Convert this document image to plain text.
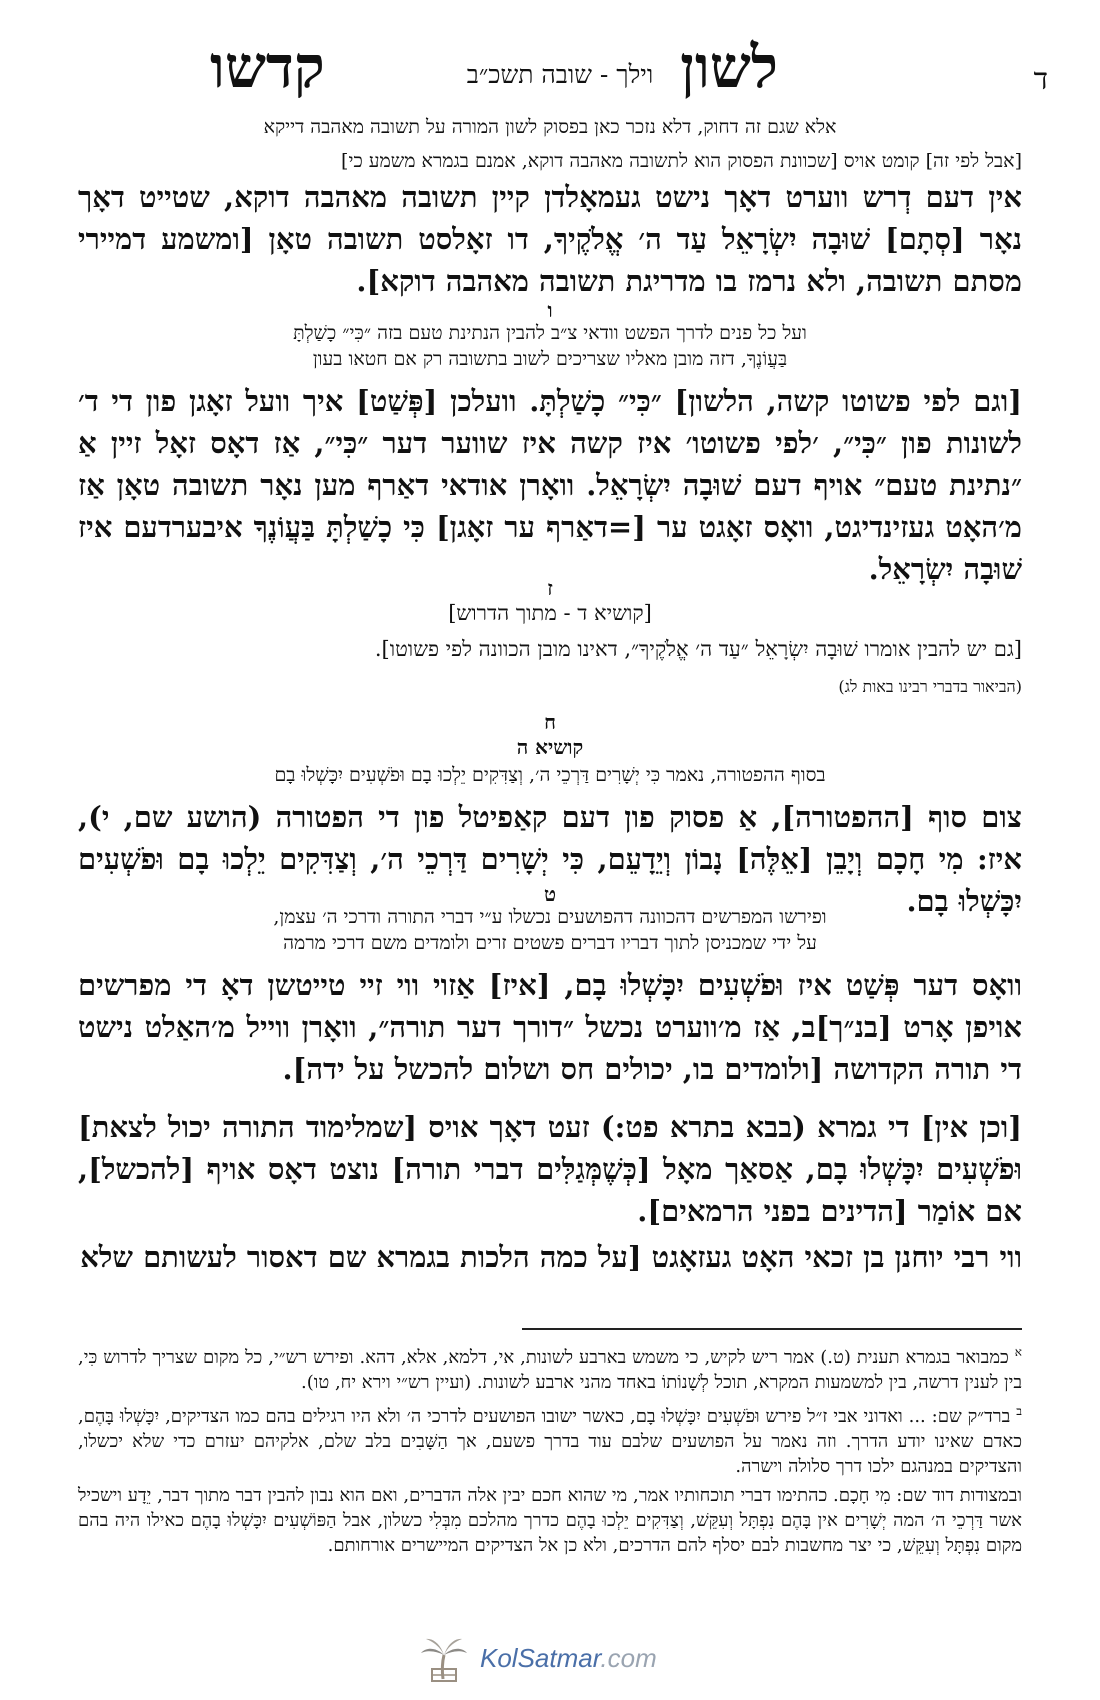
ד
לשון
וילך - שובה תשכ״ב
קדשו
אלא שגם זה דחוק, דלא נזכר כאן בפסוק לשון המורה על תשובה מאהבה דייקא
[אבל לפי זה] קומט אויס [שכוונת הפסוק הוא לתשובה מאהבה דוקא, אמנם בגמרא משמע כי]

אין דעם דְרש ווערט דאָך נישט געמאָלדן קיין תשובה מאהבה דוקא, שטייט דאָך נאָר [סְתָם] שׁוּבָה יִשְׂרָאֵל עַד ה׳ אֱלֹקֶיךָ, דו זאָלסט תשובה טאָן [ומשמע דמיירי מסתם תשובה, ולא נרמז בו מדריגת תשובה מאהבה דוקא].

ו
ועל כל פנים לדרך הפשט וודאי צ״ב להבין הנתינת טעם בזה ״כִּי״ כָשַׁלְתָּ
בַּעֲוֹנֶךָ, דזה מובן מאליו שצריכים לשוב בתשובה רק אם חטאו בעון

[וגם לפי פשוטו קשה, הלשון] ״כִּי״ כָשַׁלְתָּ. וועלכן [פְּשַׁט] איך וועל זאָגן פון די ד׳ לשונות פון ״כִּי״, ׳לפי פשוטו׳ איז קשה איז שווער דער ״כִּי״, אַז דאָס זאָל זיין אַ ״נתינת טעם״ אויף דעם שׁוּבָה יִשְׂרָאֵל. וואָרן אודאי דאַרף מען נאָר תשובה טאָן אַז מ׳האָט געזינדיגט, וואָס זאָגט ער [=דאַרף ער זאָגן] כִּי כָשַׁלְתָּ בַּעֲוֹנֶךָ איבערדעם איז שׁוּבָה יִשְׂרָאֵל.

ז
[קושיא ד - מתוך הדרוש]
[גם יש להבין אומרו שׁוּבָה יִשְׂרָאֵל ״עַד ה׳ אֱלֹקֶיךָ״, דאינו מובן הכוונה לפי פשוטו].
(הביאור בדברי רבינו באות לג)
ח
קושיא ה
בסוף ההפטורה, נאמר כִּי יְשָׁרִים דַּרְכֵי ה׳, וְצַדִּקִים יֵלְכוּ בָם וּפֹשְׁעִים יִכָּשְׁלוּ בָם

צום סוף [ההפטורה], אַ פסוק פון דעם קאַפיטל פון די הפטורה (הושע שם, י), איז: מִי חָכָם וְיָבֵן [אֵלֶּה] נָבוֹן וְיֵדָעֵם, כִּי יְשָׁרִים דַּרְכֵי ה׳, וְצַדִּקִים יֵלְכוּ בָם וּפֹשְׁעִים יִכָּשְׁלוּ בָם.

ט
ופירשו המפרשים דהכוונה דהפושעים נכשלו ע״י דברי התורה ודרכי ה׳ עצמן,
על ידי שמכניסן לתוך דבריו דברים פשטים זרים ולומדים משם דרכי מרמה

וואָס דער פְּשַׁט איז וּפֹשְׁעִים יִכָּשְׁלוּ בָם, [איז] אַזוי ווי זיי טייטשן דאָ די מפרשים אויפן אָרט [בנ״ך]ב, אַז מ׳ווערט נכשל ״דורך דער תורה״, וואָרן ווייל מ׳האַלט נישט די תורה הקדושה [ולומדים בו, יכולים חס ושלום להכשל על ידה].

[וכן אין] די גמרא (בבא בתרא פט:) זעט דאָך אויס [שמלימוד התורה יכול לצאת] וּפֹשְׁעִים יִכָּשְׁלוּ בָם, אַסאַך מאָל [כְּשֶׁמְּגַלִּים דברי תורה] נוצט דאָס אויף [להכשל], אם אוֹמַר [הדינים בפני הרמאים].

ווי רבי יוחנן בן זכאי האָט געזאָגט [על כמה הלכות בגמרא שם דאסור לעשותם שלא

$^א$ כמבואר בגמרא תענית (ט.) אמר ריש לקיש, כי משמש בארבע לשונות, אי, דלמא, אלא, דהא. ופירש רש״י, כל מקום שצריך לדרוש כִּי, בין לענין דרשה, בין למשמעות המקרא, תוכל לְשָׁנוֹתוֹ באחד מהני ארבע לשונות. (ועיין רש״י וירא יח, טו).

$^ב$ ברד״ק שם: ... ואדוני אבי ז״ל פירש וּפֹשְׁעִים יִכָּשְׁלוּ בָם, כאשר ישובו הפושעים לדרכי ה׳ ולא היו רגילים בהם כמו הצדיקים, יִכָּשְׁלוּ בָּהֶם, כאדם שאינו יודע הדרך. וזה נאמר על הפושעים שלבם עוד בדרך פשעם, אך הַשָּׁבִים בלב שלם, אלקיהם יעזרם כדי שלא יכשלו, והצדיקים במנהגם ילכו דרך סלולה וישרה.

ובמצודות דוד שם: מִי חָכָם. כהתימו דברי תוכחותיו אמר, מי שהוא חכם יבין אלה הדברים, ואם הוא נבון להבין דבר מתוך דבר, יֵדָע וישכיל אשר דַּרְכֵי ה׳ המה יְשָׁרִים אין בָּהֶם נִפְתָּל וְעִקֵּשׁ, וְצַדִּקִים יֵלְכוּ בָהֶם כדרך מהלכם מִבְּלִי כשלון, אבל הַפּוֹשְׁעִים יִכָּשְׁלוּ בָהֶם כאילו היה בהם מקום נִפְתָּל וְעִקֵּשׁ, כי יצר מחשבות לבם יסלף להם הדרכים, ולא כן אל הצדיקים המיישרים אורחותם.

KolSatmar.com
